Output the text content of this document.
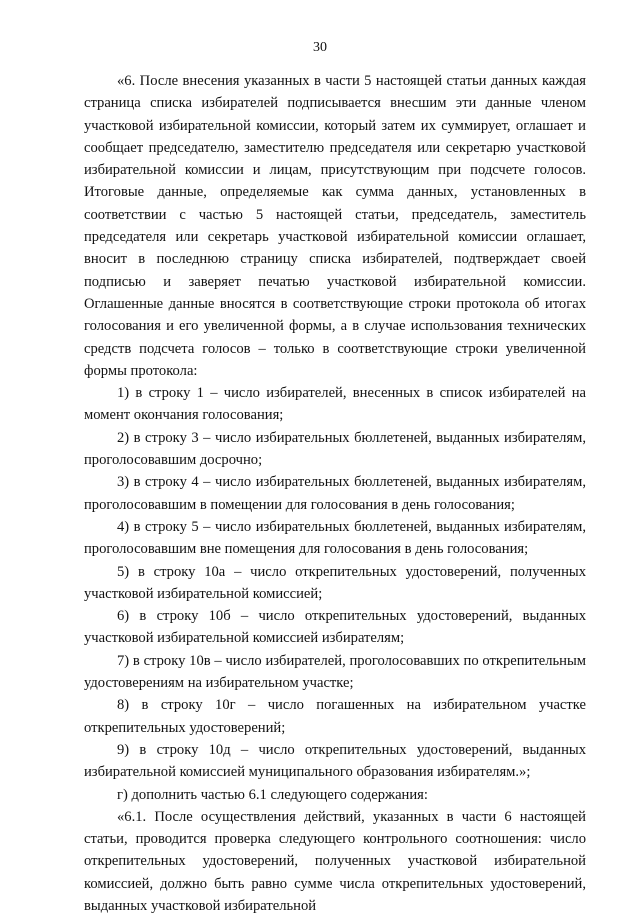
30

«6. После внесения указанных в части 5 настоящей статьи данных каждая страница списка избирателей подписывается внесшим эти данные членом участковой избирательной комиссии, который затем их суммирует, оглашает и сообщает председателю, заместителю председателя или секретарю участковой избирательной комиссии и лицам, присутствующим при подсчете голосов. Итоговые данные, определяемые как сумма данных, установленных в соответствии с частью 5 настоящей статьи, председатель, заместитель председателя или секретарь участковой избирательной комиссии оглашает, вносит в последнюю страницу списка избирателей, подтверждает своей подписью и заверяет печатью участковой избирательной комиссии. Оглашенные данные вносятся в соответствующие строки протокола об итогах голосования и его увеличенной формы, а в случае использования технических средств подсчета голосов – только в соответствующие строки увеличенной формы протокола:

1) в строку 1 – число избирателей, внесенных в список избирателей на момент окончания голосования;

2) в строку 3 – число избирательных бюллетеней, выданных избирателям, проголосовавшим досрочно;

3) в строку 4 – число избирательных бюллетеней, выданных избирателям, проголосовавшим в помещении для голосования в день голосования;

4) в строку 5 – число избирательных бюллетеней, выданных избирателям, проголосовавшим вне помещения для голосования в день голосования;

5) в строку 10а – число открепительных удостоверений, полученных участковой избирательной комиссией;

6) в строку 10б – число открепительных удостоверений, выданных участковой избирательной комиссией избирателям;

7) в строку 10в – число избирателей, проголосовавших по открепительным удостоверениям на избирательном участке;

8) в строку 10г – число погашенных на избирательном участке открепительных удостоверений;

9) в строку 10д – число открепительных удостоверений, выданных избирательной комиссией муниципального образования избирателям.»;

г) дополнить частью 6.1 следующего содержания:

«6.1. После осуществления действий, указанных в части 6 настоящей статьи, проводится проверка следующего контрольного соотношения: число открепительных удостоверений, полученных участковой избирательной комиссией, должно быть равно сумме числа открепительных удостоверений, выданных участковой избирательной
